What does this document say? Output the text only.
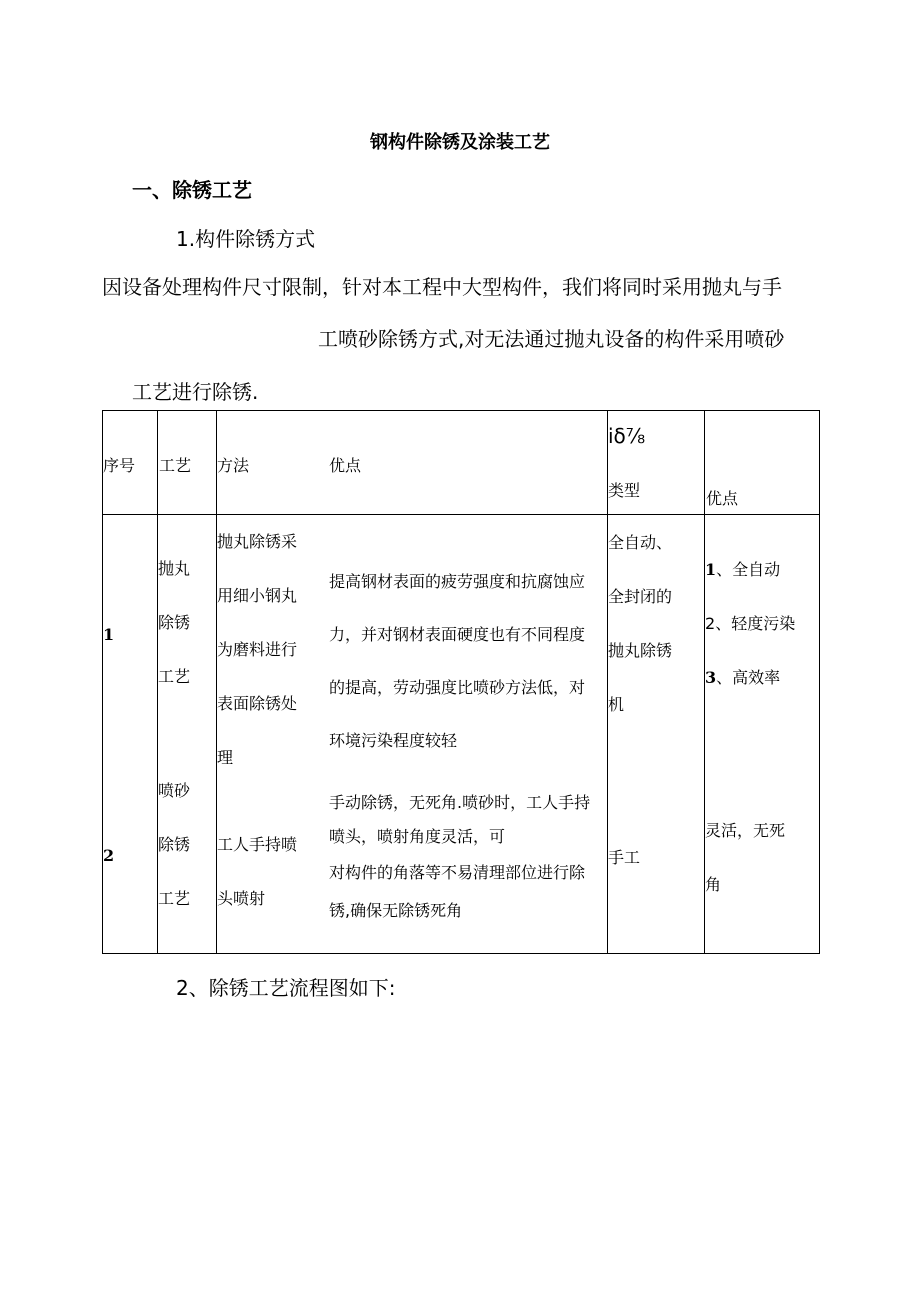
钢构件除锈及涂装工艺
一、除锈工艺
1.构件除锈方式
因设备处理构件尺寸限制，针对本工程中大型构件，我们将同时采用抛丸与手
工喷砂除锈方式,对无法通过抛丸设备的构件采用喷砂
工艺进行除锈.
序号 工艺 方法	优点
iδ⅞
类型	优点
1
抛丸
除锈
工艺
抛丸除锈采
用细小钢丸
为磨料进行
表面除锈处
理
提高钢材表面的疲劳强度和抗腐蚀应
力，并对钢材表面硬度也有不同程度
的提高，劳动强度比喷砂方法低，对
环境污染程度较轻
全自动、
全封闭的
抛丸除锈
机
1、全自动
2、轻度污染
3、高效率
2
喷砂
除锈
工艺
工人手持喷
头喷射
手动除锈，无死角.喷砂时，工人手持
喷头，喷射角度灵活，可
对构件的角落等不易清理部位进行除
锈,确保无除锈死角
手工
灵活，无死
角
2、除锈工艺流程图如下:
